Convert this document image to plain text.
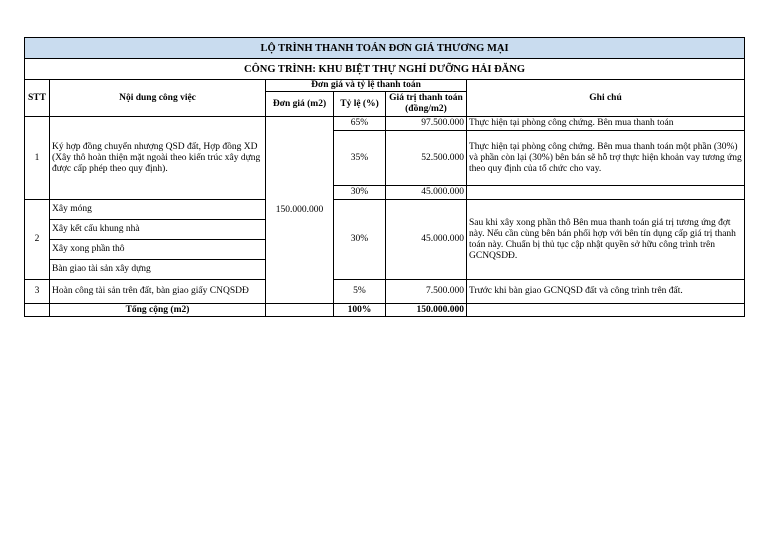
LỘ TRÌNH THANH TOÁN ĐƠN GIÁ THƯƠNG MẠI					
CÔNG TRÌNH: KHU BIỆT THỰ NGHỈ DƯỠNG HẢI ĐĂNG					
STT	Nội dung công việc	Đơn giá và tỷ lệ thanh toán			Ghi chú
		Đơn giá (m2)	Tỷ lệ (%)	Giá trị thanh toán (đồng/m2)	
1	Ký hợp đồng chuyển nhượng QSD đất, Hợp đồng XD (Xây thô hoàn thiện mặt ngoài theo kiến trúc xây dựng được cấp phép theo quy định).	150.000.000	65%	97.500.000	Thực hiện tại phòng công chứng. Bên mua thanh toán
			35%	52.500.000	Thực hiện tại phòng công chứng. Bên mua thanh toán một phần (30%) và phần còn lại (30%) bên bán sẽ hỗ trợ thực hiện khoản vay tương ứng theo quy định của tổ chức cho vay.
			30%	45.000.000	
2	Xây móng		30%	45.000.000	Sau khi xây xong phần thô Bên mua thanh toán giá trị tương ứng đợt này. Nếu cần cùng bên bán phối hợp với bên tín dụng cấp giá trị thanh toán này. Chuẩn bị thủ tục cập nhật quyền sở hữu công trình trên GCNQSDĐ.
	Xây kết cấu khung nhà				
	Xây xong phần thô				
	Bàn giao tài sản xây dựng				
3	Hoàn công tài sản trên đất, bàn giao giấy CNQSDĐ		5%	7.500.000	Trước khi bàn giao GCNQSD đất và công trình trên đất.
	Tổng cộng (m2)		100%	150.000.000	
